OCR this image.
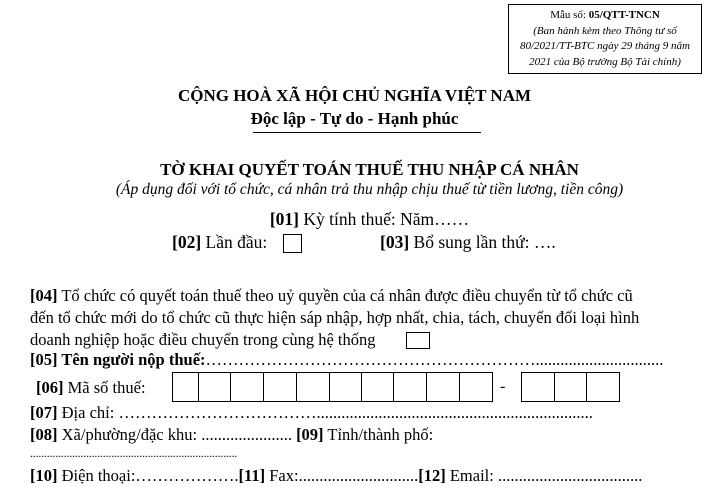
Mẫu số: 05/QTT-TNCN
(Ban hành kèm theo Thông tư số
80/2021/TT-BTC ngày 29 tháng 9 năm
2021 của Bộ trưởng Bộ Tài chính)
CỘNG HOÀ XÃ HỘI CHỦ NGHĨA VIỆT NAM
Độc lập - Tự do - Hạnh phúc
TỜ KHAI QUYẾT TOÁN THUẾ THU NHẬP CÁ NHÂN
(Áp dụng đối với tổ chức, cá nhân trả thu nhập chịu thuế từ tiền lương, tiền công)
[01] Kỳ tính thuế: Năm……
[02] Lần đầu:	[03] Bổ sung lần thứ: ….
[04] Tổ chức có quyết toán thuế theo uỷ quyền của cá nhân được điều chuyển từ tổ chức cũ
đến tổ chức mới do tổ chức cũ thực hiện sáp nhập, hợp nhất, chia, tách, chuyển đổi loại hình
doanh nghiệp hoặc điều chuyển trong cùng hệ thống
[05] Tên người nộp thuế:……………………………………………………...............................
[06] Mã số thuế:	-
[07] Địa chỉ: ………………………………...................................................................
[08] Xã/phường/đặc khu: ...................... [09] Tỉnh/thành phố:
..........................................................................
[10] Điện thoại:……………….[11] Fax:.............................[12] Email: ...................................
